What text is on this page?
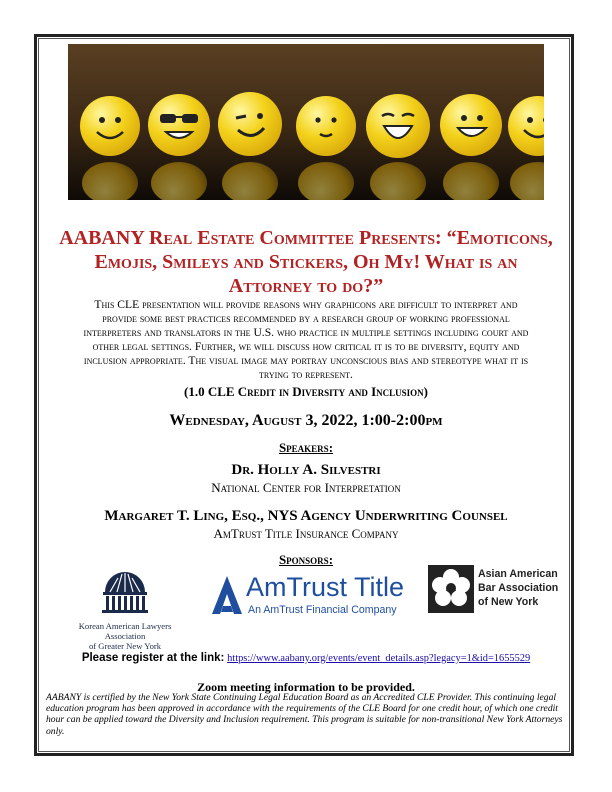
AABANY Real Estate Committee Presents: “Emoticons,
Emojis, Smileys and Stickers, Oh My! What is an
Attorney to do?”
This CLE presentation will provide reasons why graphicons are difficult to interpret and
provide some best practices recommended by a research group of working professional
interpreters and translators in the U.S. who practice in multiple settings including court and
other legal settings. Further, we will discuss how critical it is to be diversity, equity and
inclusion appropriate. The visual image may portray unconscious bias and stereotype what it is
trying to represent.
(1.0 CLE Credit in Diversity and Inclusion)
Wednesday, August 3, 2022, 1:00-2:00pm
Speakers:
Dr. Holly A. Silvestri
National Center for Interpretation
Margaret T. Ling, Esq., NYS Agency Underwriting Counsel
AmTrust Title Insurance Company
Sponsors:
Korean American Lawyers Association
of Greater New York
AmTrust Title
An AmTrust Financial Company
Asian American
Bar Association
of New York
Please register at the link: https://www.aabany.org/events/event_details.asp?legacy=1&id=1655529
Zoom meeting information to be provided.
AABANY is certified by the New York State Continuing Legal Education Board as an Accredited CLE Provider. This continuing legal education program has been approved in accordance with the requirements of the CLE Board for one credit hour, of which one credit hour can be applied toward the Diversity and Inclusion requirement. This program is suitable for non-transitional New York Attorneys only.
